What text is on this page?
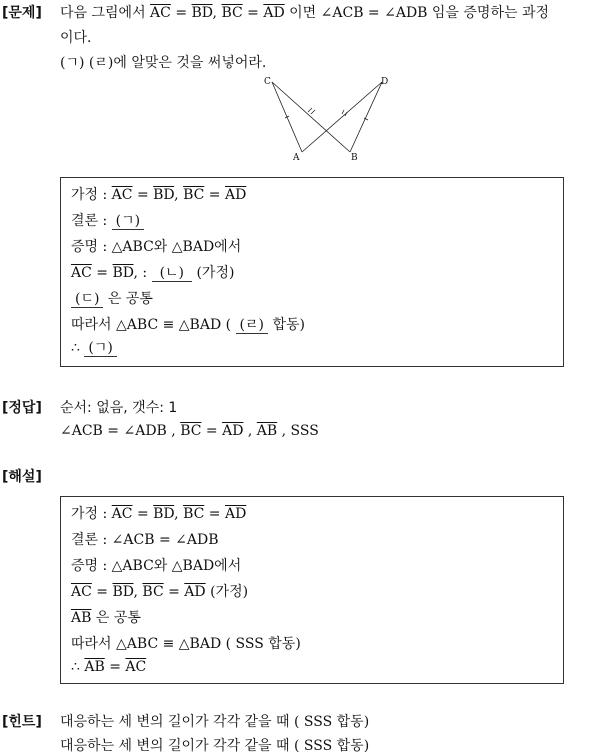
[문제] 다음 그림에서 $\overline{AC} = \overline{BD}$, $\overline{BC} = \overline{AD}$ 이면 ∠ACB = ∠ADB 임을 증명하는 과정
이다.
(ㄱ) (ㄹ)에 알맞은 것을 써넣어라.
C	D
A	B
가정 : $\overline{AC} = \overline{BD}$, $\overline{BC} = \overline{AD}$
결론 : (ㄱ)
증명 : △ABC와 △BAD에서
$\overline{AC} = \overline{BD}$, : (ㄴ) (가정)
(ㄷ) 은 공통
따라서 △ABC ≡ △BAD ( (ㄹ) 합동)
∴ (ㄱ)
[정답] 순서: 없음, 갯수: 1
∠ACB = ∠ADB , $\overline{BC} = \overline{AD}$ , $\overline{AB}$ , SSS
[해설]
가정 : $\overline{AC} = \overline{BD}$, $\overline{BC} = \overline{AD}$
결론 : ∠ACB = ∠ADB
증명 : △ABC와 △BAD에서
$\overline{AC} = \overline{BD}$, $\overline{BC} = \overline{AD}$ (가정)
$\overline{AB}$ 은 공통
따라서 △ABC ≡ △BAD ( SSS 합동)
∴ $\overline{AB} = \overline{AC}$
[힌트] 대응하는 세 변의 길이가 각각 같을 때 ( SSS 합동)
대응하는 세 변의 길이가 각각 같을 때 ( SSS 합동)
